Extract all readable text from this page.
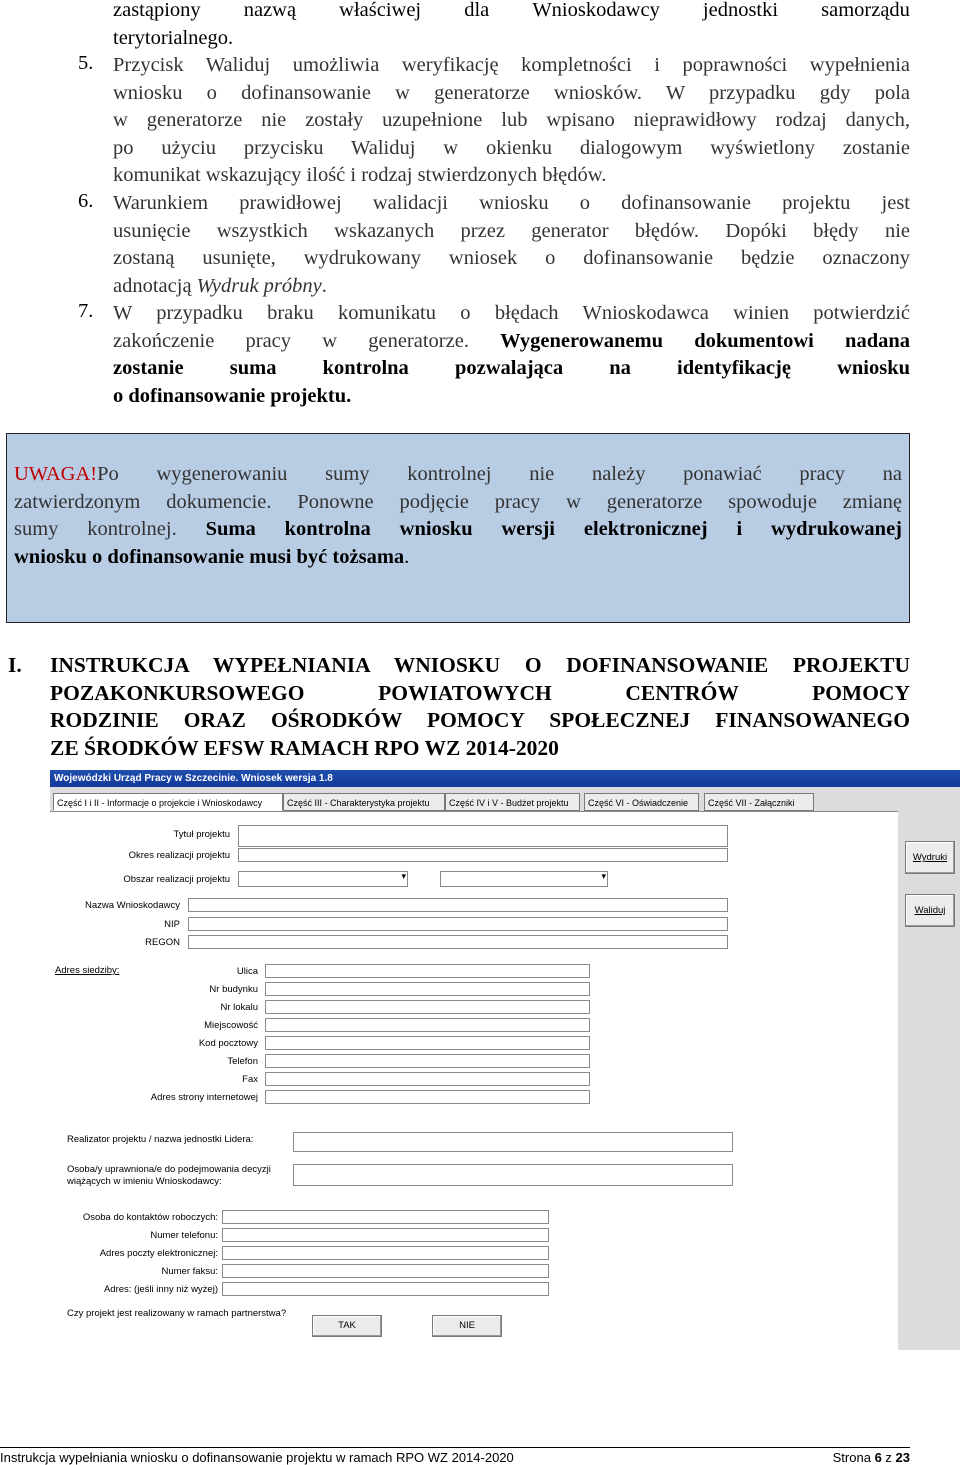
zastąpiony nazwą właściwej dla Wnioskodawcy jednostki samorządu
terytorialnego.
5. Przycisk Waliduj umożliwia weryfikację kompletności i poprawności wypełnienia
wniosku o dofinansowanie w generatorze wniosków. W przypadku gdy pola
w generatorze nie zostały uzupełnione lub wpisano nieprawidłowy rodzaj danych,
po użyciu przycisku Waliduj w okienku dialogowym wyświetlony zostanie
komunikat wskazujący ilość i rodzaj stwierdzonych błędów.
6. Warunkiem prawidłowej walidacji wniosku o dofinansowanie projektu jest
usunięcie wszystkich wskazanych przez generator błędów. Dopóki błędy nie
zostaną usunięte, wydrukowany wniosek o dofinansowanie będzie oznaczony
adnotacją Wydruk próbny.
7. W przypadku braku komunikatu o błędach Wnioskodawca winien potwierdzić
zakończenie pracy w generatorze. Wygenerowanemu dokumentowi nadana
zostanie suma kontrolna pozwalająca na identyfikację wniosku
o dofinansowanie projektu.
UWAGA!Po wygenerowaniu sumy kontrolnej nie należy ponawiać pracy na
zatwierdzonym dokumencie. Ponowne podjęcie pracy w generatorze spowoduje zmianę
sumy kontrolnej. Suma kontrolna wniosku wersji elektronicznej i wydrukowanej
wniosku o dofinansowanie musi być tożsama.
I. INSTRUKCJA WYPEŁNIANIA WNIOSKU O DOFINANSOWANIE PROJEKTU
POZAKONKURSOWEGO POWIATOWYCH CENTRÓW POMOCY
RODZINIE ORAZ OŚRODKÓW POMOCY SPOŁECZNEJ FINANSOWANEGO
ZE ŚRODKÓW EFSW RAMACH RPO WZ 2014-2020
Wojewódzki Urząd Pracy w Szczecinie. Wniosek wersja 1.8
Część I i II - Informacje o projekcie i Wnioskodawcy	Część III - Charakterystyka projektu	Część IV i V - Budżet projektu	Część VI - Oświadczenie	Część VII - Załączniki
Tytuł projektu
Okres realizacji projektu
Obszar realizacji projektu
▾
▾
Nazwa Wnioskodawcy
NIP
REGON
Adres siedziby:	Ulica
Nr budynku
Nr lokalu
Miejscowość
Kod pocztowy
Telefon
Fax
Adres strony internetowej
Realizator projektu / nazwa jednostki Lidera:
Osoba/y uprawniona/e do podejmowania decyzji
wiążących w imieniu Wnioskodawcy:
Osoba do kontaktów roboczych:
Numer telefonu:
Adres poczty elektronicznej:
Numer faksu:
Adres: (jeśli inny niż wyżej)
Czy projekt jest realizowany w ramach partnerstwa?
TAK	NIE
Wydruki
Waliduj
Instrukcja wypełniania wniosku o dofinansowanie projektu w ramach RPO WZ 2014-2020	Strona 6 z 23
